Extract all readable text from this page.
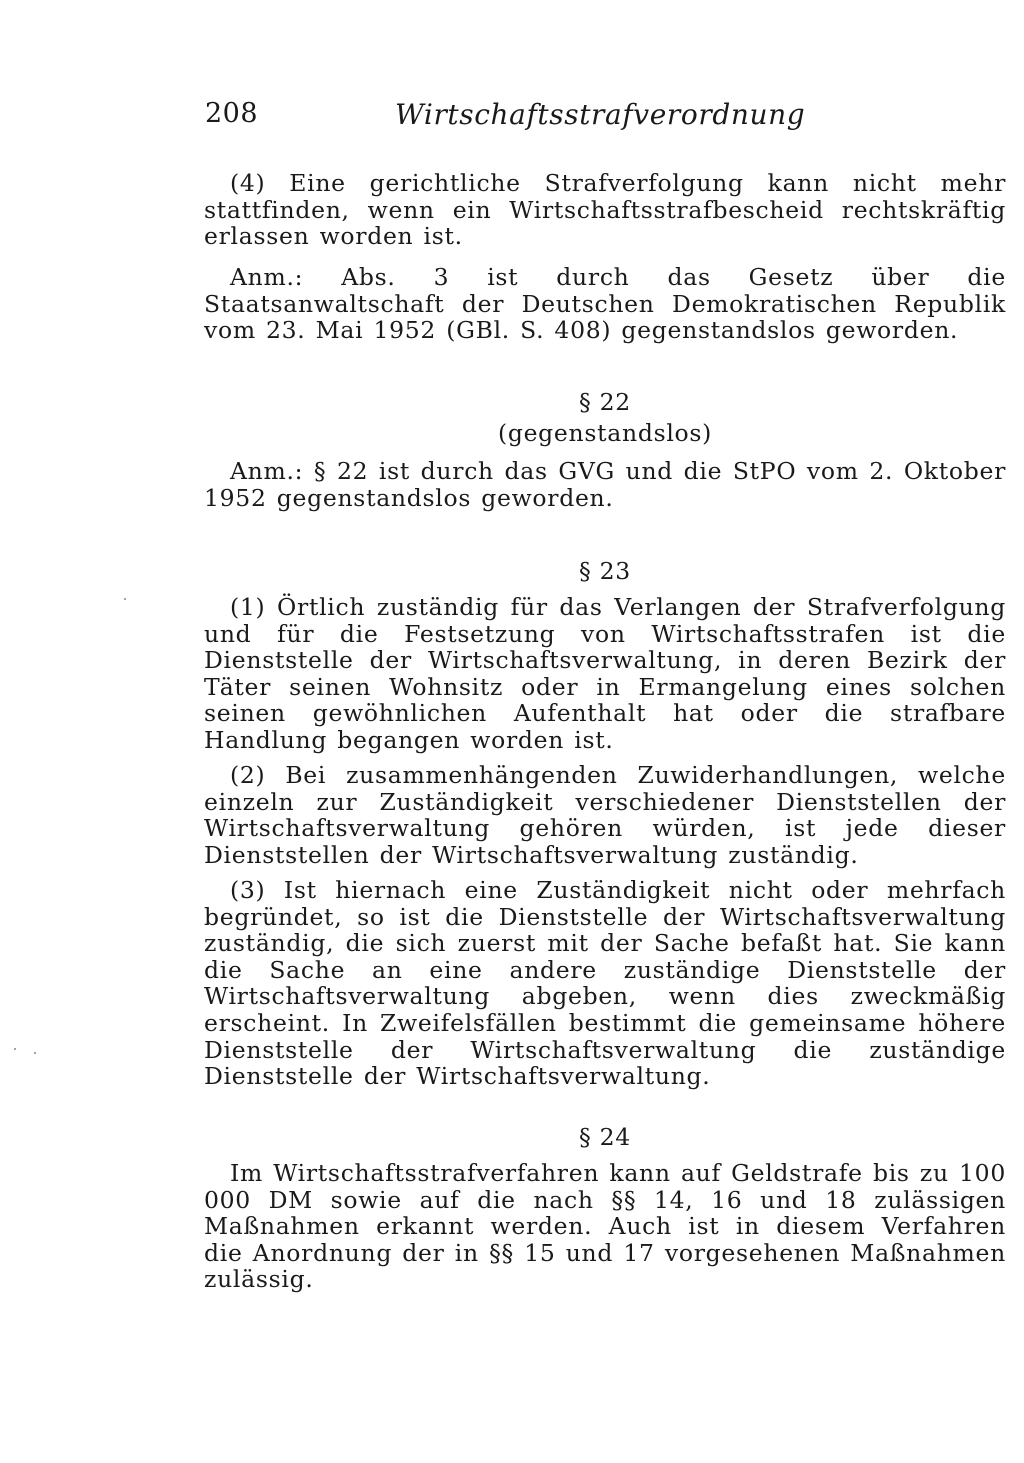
208	Wirtschaftsstrafverordnung

(4) Eine gerichtliche Strafverfolgung kann nicht mehr stattfinden, wenn ein Wirtschaftsstrafbescheid rechtskräftig erlassen worden ist.

Anm.: Abs. 3 ist durch das Gesetz über die Staatsanwaltschaft der Deutschen Demokratischen Republik vom 23. Mai 1952 (GBl. S. 408) gegenstandslos geworden.

§ 22

(gegenstandslos)

Anm.: § 22 ist durch das GVG und die StPO vom 2. Oktober 1952 gegenstandslos geworden.

§ 23

(1) Örtlich zuständig für das Verlangen der Strafverfolgung und für die Festsetzung von Wirtschaftsstrafen ist die Dienststelle der Wirtschaftsverwaltung, in deren Bezirk der Täter seinen Wohnsitz oder in Ermangelung eines solchen seinen gewöhnlichen Aufenthalt hat oder die strafbare Handlung begangen worden ist.

(2) Bei zusammenhängenden Zuwiderhandlungen, welche einzeln zur Zuständigkeit verschiedener Dienststellen der Wirtschaftsverwaltung gehören würden, ist jede dieser Dienststellen der Wirtschaftsverwaltung zuständig.

(3) Ist hiernach eine Zuständigkeit nicht oder mehrfach begründet, so ist die Dienststelle der Wirtschaftsverwaltung zuständig, die sich zuerst mit der Sache befaßt hat. Sie kann die Sache an eine andere zuständige Dienststelle der Wirtschaftsverwaltung abgeben, wenn dies zweckmäßig erscheint. In Zweifelsfällen bestimmt die gemeinsame höhere Dienststelle der Wirtschaftsverwaltung die zuständige Dienststelle der Wirtschaftsverwaltung.

§ 24

Im Wirtschaftsstrafverfahren kann auf Geldstrafe bis zu 100 000 DM sowie auf die nach §§ 14, 16 und 18 zulässigen Maßnahmen erkannt werden. Auch ist in diesem Verfahren die Anordnung der in §§ 15 und 17 vorgesehenen Maßnahmen zulässig.
